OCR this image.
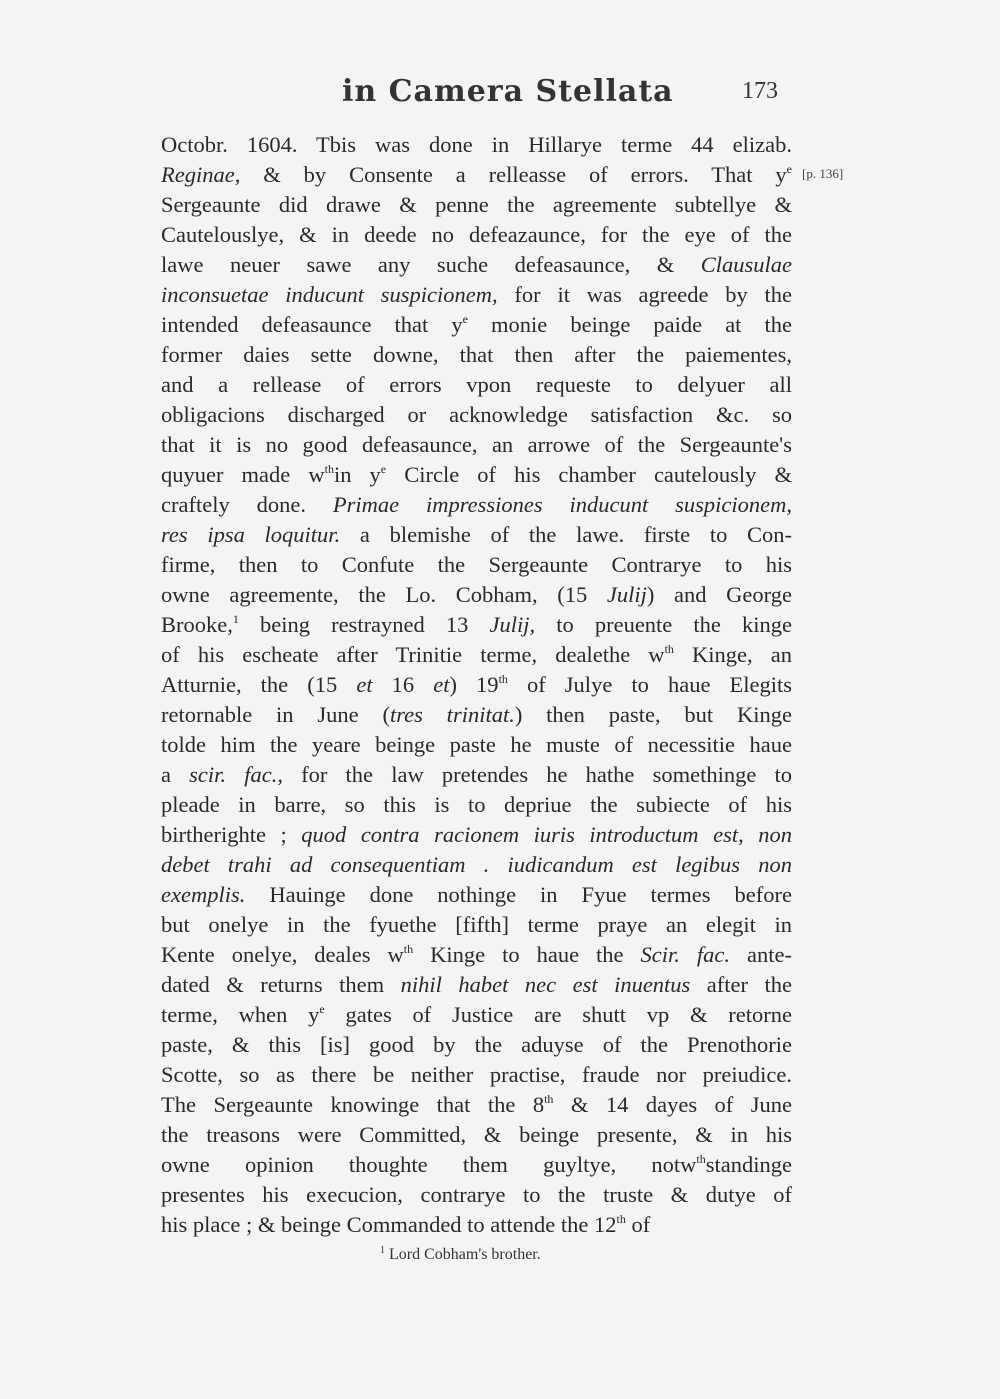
in Camera Stellata	173
[p. 136]
Octobr. 1604. Tbis was done in Hillarye terme 44 elizab.
Reginae, & by Consente a relleasse of errors. That $y^e$
Sergeaunte did drawe & penne the agreemente subtellye &
Cautelouslye, & in deede no defeazaunce, for the eye of the
lawe neuer sawe any suche defeasaunce, & Clausulae
inconsuetae inducunt suspicionem, for it was agreede by the
intended defeasaunce that $y^e$ monie beinge paide at the
former daies sette downe, that then after the paiementes,
and a rellease of errors vpon requeste to delyuer all
obligacions discharged or acknowledge satisfaction &c. so
that it is no good defeasaunce, an arrowe of the Sergeaunte's
quyuer made $w^{th}in$ $y^e$ Circle of his chamber cautelously &
craftely done. Primae impressiones inducunt suspicionem,
res ipsa loquitur. a blemishe of the lawe. firste to Con-
firme, then to Confute the Sergeaunte Contrarye to his
owne agreemente, the Lo. Cobham, (15 Julij) and George
Brooke,$^1$ being restrayned 13 Julij, to preuente the kinge
of his escheate after Trinitie terme, dealethe $w^{th}$ Kinge, an
Atturnie, the (15 et 16 et) 19th of Julye to haue Elegits
retornable in June (tres trinitat.) then paste, but Kinge
tolde him the yeare beinge paste he muste of necessitie haue
a scir. fac., for the law pretendes he hathe somethinge to
pleade in barre, so this is to depriue the subiecte of his
birtherighte ; quod contra racionem iuris introductum est, non
debet trahi ad consequentiam . iudicandum est legibus non
exemplis. Hauinge done nothinge in Fyue termes before
but onelye in the fyuethe [fifth] terme praye an elegit in
Kente onelye, deales $w^{th}$ Kinge to haue the Scir. fac. ante-
dated & returns them nihil habet nec est inuentus after the
terme, when $y^e$ gates of Justice are shutt vp & retorne
paste, & this [is] good by the aduyse of the Prenothorie
Scotte, so as there be neither practise, fraude nor preiudice.
The Sergeaunte knowinge that the 8th & 14 dayes of June
the treasons were Committed, & beinge presente, & in his
owne opinion thoughte them guyltye, notw$^{th}$standinge
presentes his execucion, contrarye to the truste & dutye of
his place ; & beinge Commanded to attende the 12th of
$^1$ Lord Cobham's brother.
